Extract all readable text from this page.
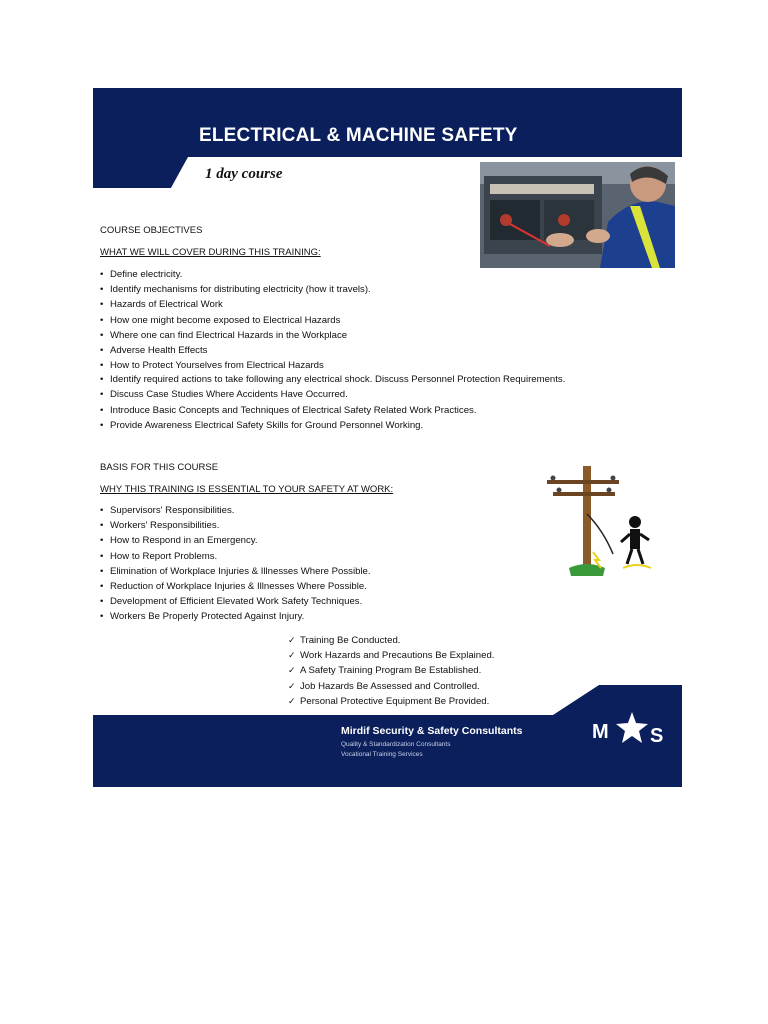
ELECTRICAL & MACHINE SAFETY
1 day course
COURSE OBJECTIVES
WHAT WE WILL COVER DURING THIS TRAINING:
• Define electricity.
• Identify mechanisms for distributing electricity (how it travels).
• Hazards of Electrical Work
• How one might become exposed to Electrical Hazards
• Where one can find Electrical Hazards in the Workplace
• Adverse Health Effects
• How to Protect Yourselves from Electrical Hazards
• Identify required actions to take following any electrical shock. Discuss Personnel Protection Requirements.
• Discuss Case Studies Where Accidents Have Occurred.
• Introduce Basic Concepts and Techniques of Electrical Safety Related Work Practices.
• Provide Awareness Electrical Safety Skills for Ground Personnel Working.
BASIS FOR THIS COURSE
WHY THIS TRAINING IS ESSENTIAL TO YOUR SAFETY AT WORK:
• Supervisors' Responsibilities.
• Workers' Responsibilities.
• How to Respond in an Emergency.
• How to Report Problems.
• Elimination of Workplace Injuries & Illnesses Where Possible.
• Reduction of Workplace Injuries & Illnesses Where Possible.
• Development of Efficient Elevated Work Safety Techniques.
• Workers Be Properly Protected Against Injury.
✓ Training Be Conducted.
✓ Work Hazards and Precautions Be Explained.
✓ A Safety Training Program Be Established.
✓ Job Hazards Be Assessed and Controlled.
✓ Personal Protective Equipment Be Provided.
Mirdif Security & Safety Consultants
Quality & Standardization Consultants
Vocational Training Services
M S
